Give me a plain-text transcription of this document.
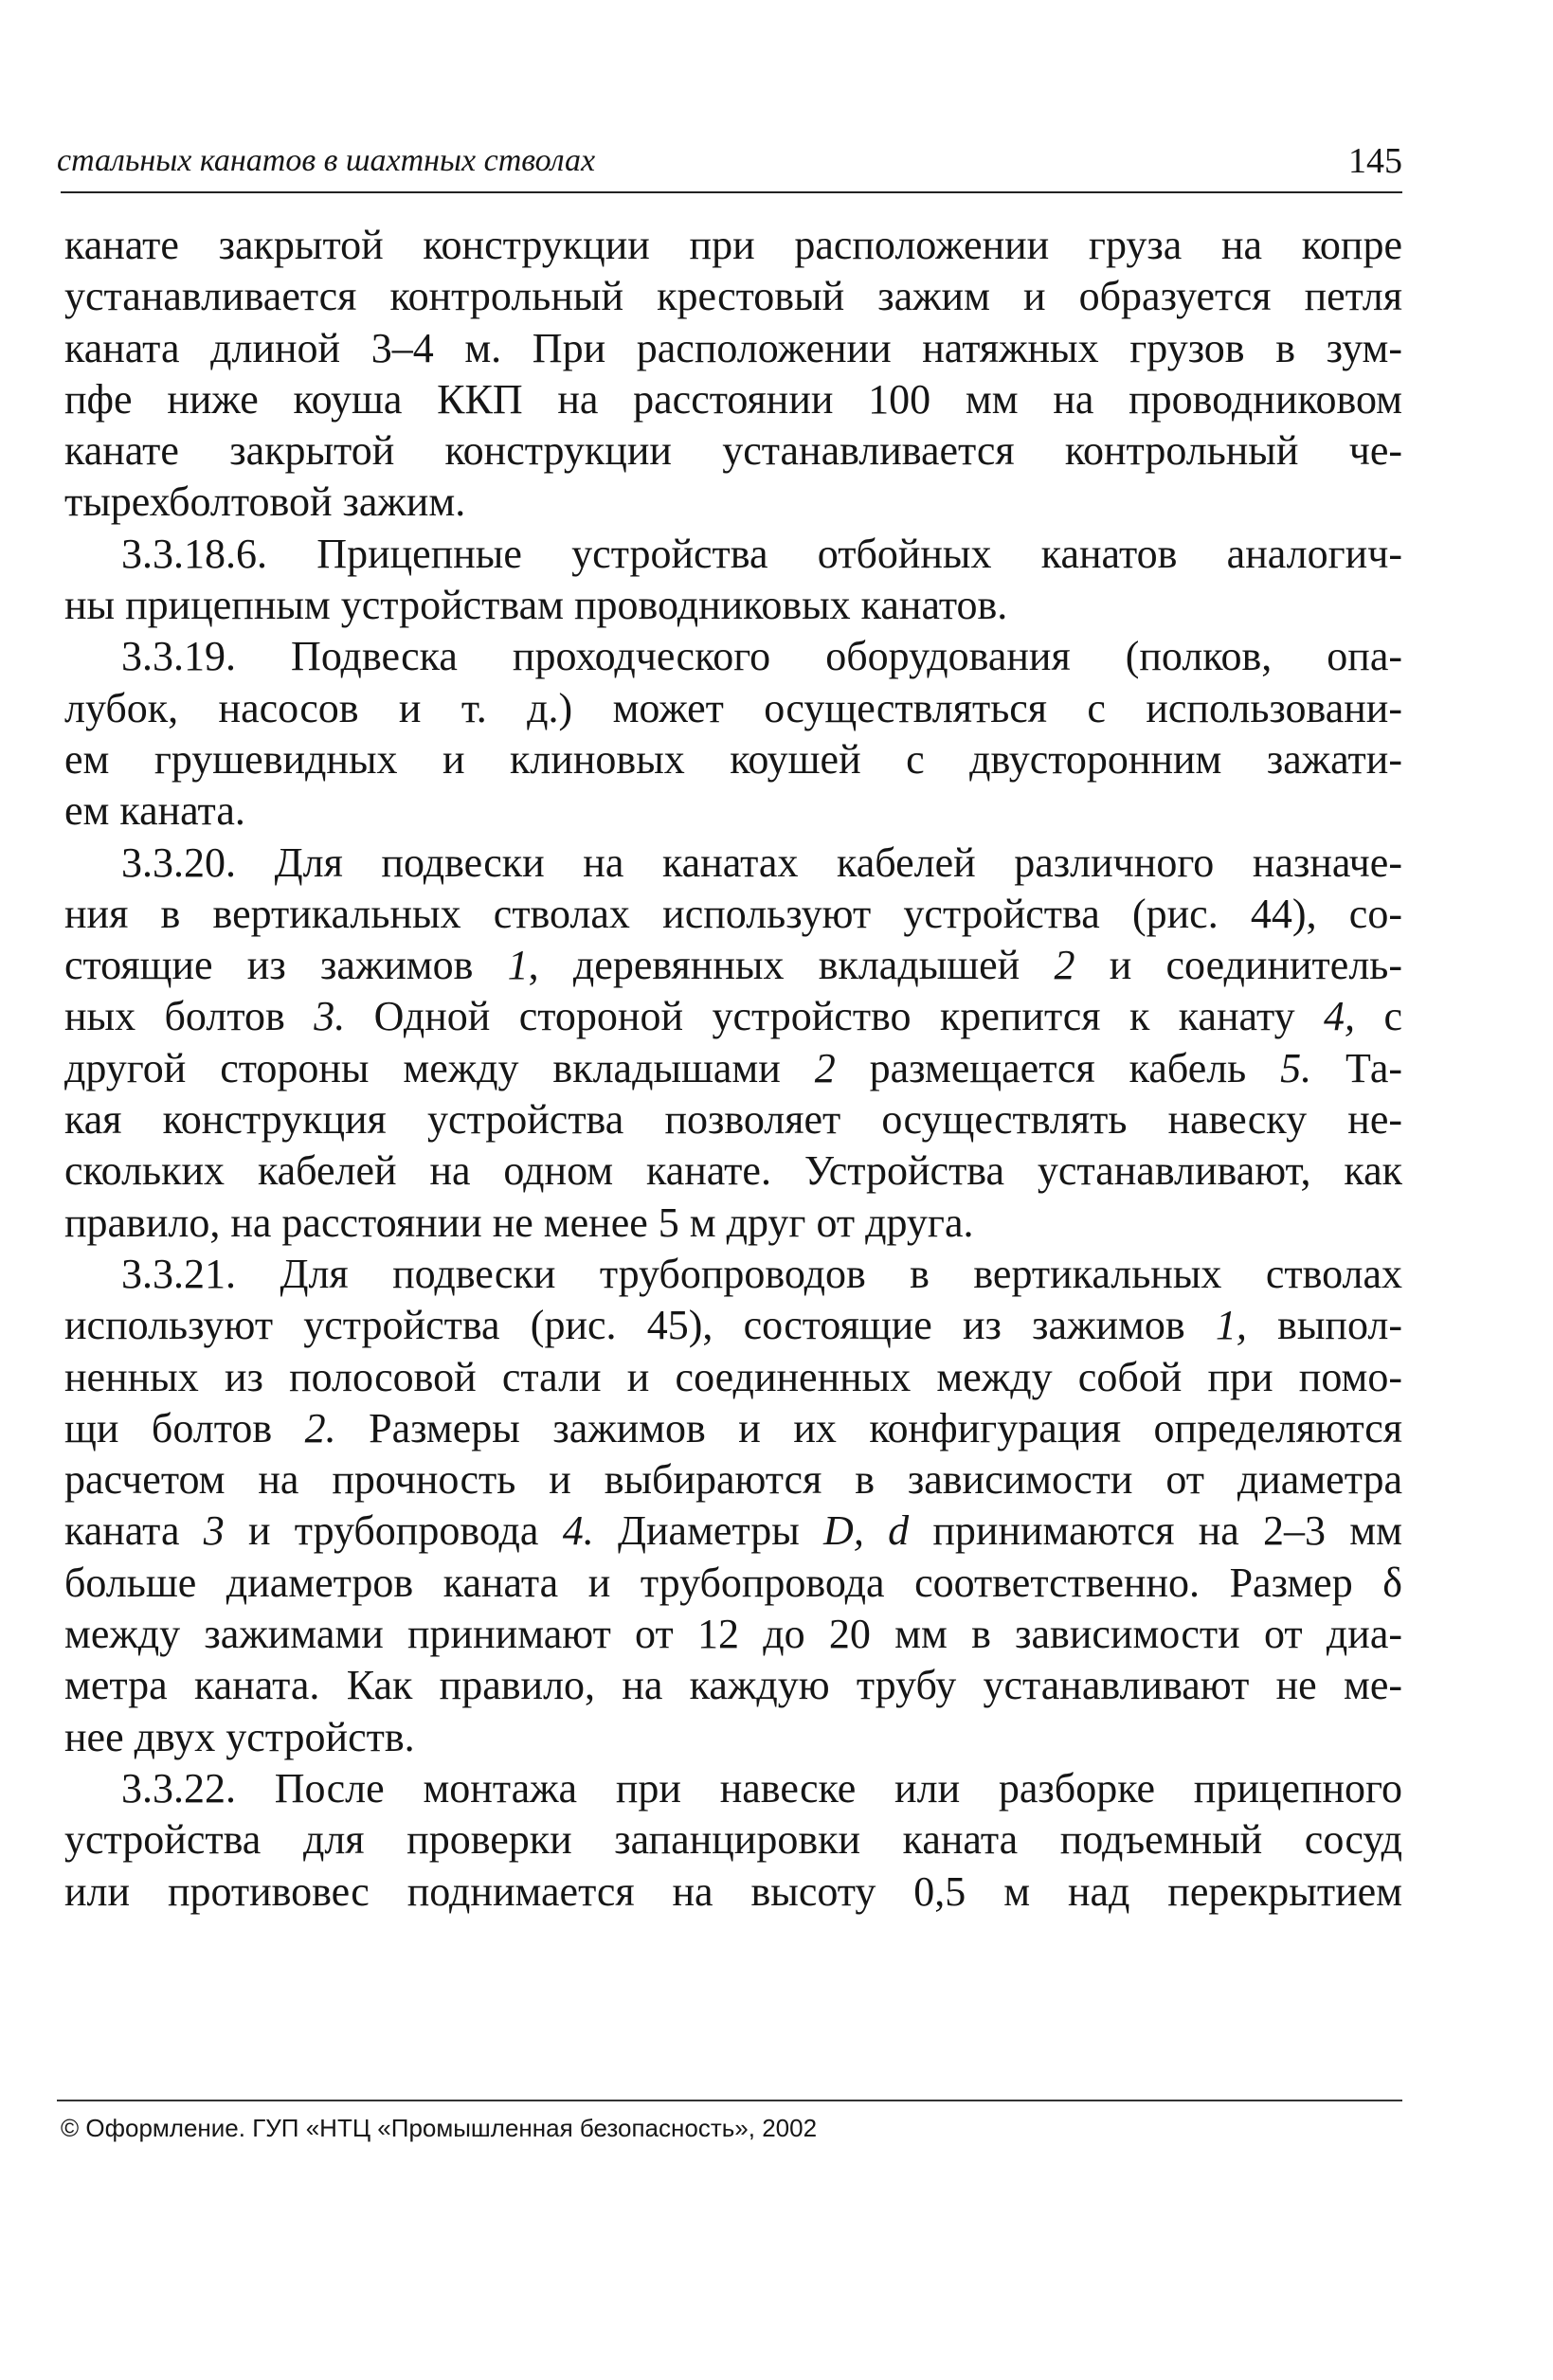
стальных канатов в шахтных стволах	145
канате закрытой конструкции при расположении груза на копре
устанавливается контрольный крестовый зажим и образуется петля
каната длиной 3–4 м. При расположении натяжных грузов в зум-
пфе ниже коуша ККП на расстоянии 100 мм на проводниковом
канате закрытой конструкции устанавливается контрольный че-
тырехболтовой зажим.
3.3.18.6. Прицепные устройства отбойных канатов аналогич-
ны прицепным устройствам проводниковых канатов.
3.3.19. Подвеска проходческого оборудования (полков, опа-
лубок, насосов и т. д.) может осуществляться с использовани-
ем грушевидных и клиновых коушей с двусторонним зажати-
ем каната.
3.3.20. Для подвески на канатах кабелей различного назначе-
ния в вертикальных стволах используют устройства (рис. 44), со-
стоящие из зажимов 1, деревянных вкладышей 2 и соединитель-
ных болтов 3. Одной стороной устройство крепится к канату 4, с
другой стороны между вкладышами 2 размещается кабель 5. Та-
кая конструкция устройства позволяет осуществлять навеску не-
скольких кабелей на одном канате. Устройства устанавливают, как
правило, на расстоянии не менее 5 м друг от друга.
3.3.21. Для подвески трубопроводов в вертикальных стволах
используют устройства (рис. 45), состоящие из зажимов 1, выпол-
ненных из полосовой стали и соединенных между собой при помо-
щи болтов 2. Размеры зажимов и их конфигурация определяются
расчетом на прочность и выбираются в зависимости от диаметра
каната 3 и трубопровода 4. Диаметры D, d принимаются на 2–3 мм
больше диаметров каната и трубопровода соответственно. Размер δ
между зажимами принимают от 12 до 20 мм в зависимости от диа-
метра каната. Как правило, на каждую трубу устанавливают не ме-
нее двух устройств.
3.3.22. После монтажа при навеске или разборке прицепного
устройства для проверки запанцировки каната подъемный сосуд
или противовес поднимается на высоту 0,5 м над перекрытием
© Оформление. ГУП «НТЦ «Промышленная безопасность», 2002
